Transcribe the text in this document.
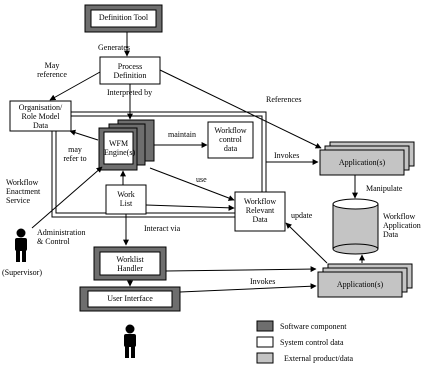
Definition Tool
Process
Definition
Organisation/
Role Model
Data
WFM
Engine(s)
Workflow
control
data
Work
List	Workflow
Relevant
Data
Application(s)
Workflow
Application
Data
Worklist
Handler
User Interface
Application(s)
Generates
May
reference
Interpreted by
References
maintain
may
refer to	Invokes
use
Manipulate
update
Workflow
Enactment
Service
Administration
& Control
(Supervisor)
Interact via
Invokes
Software component
System control data
External product/data
